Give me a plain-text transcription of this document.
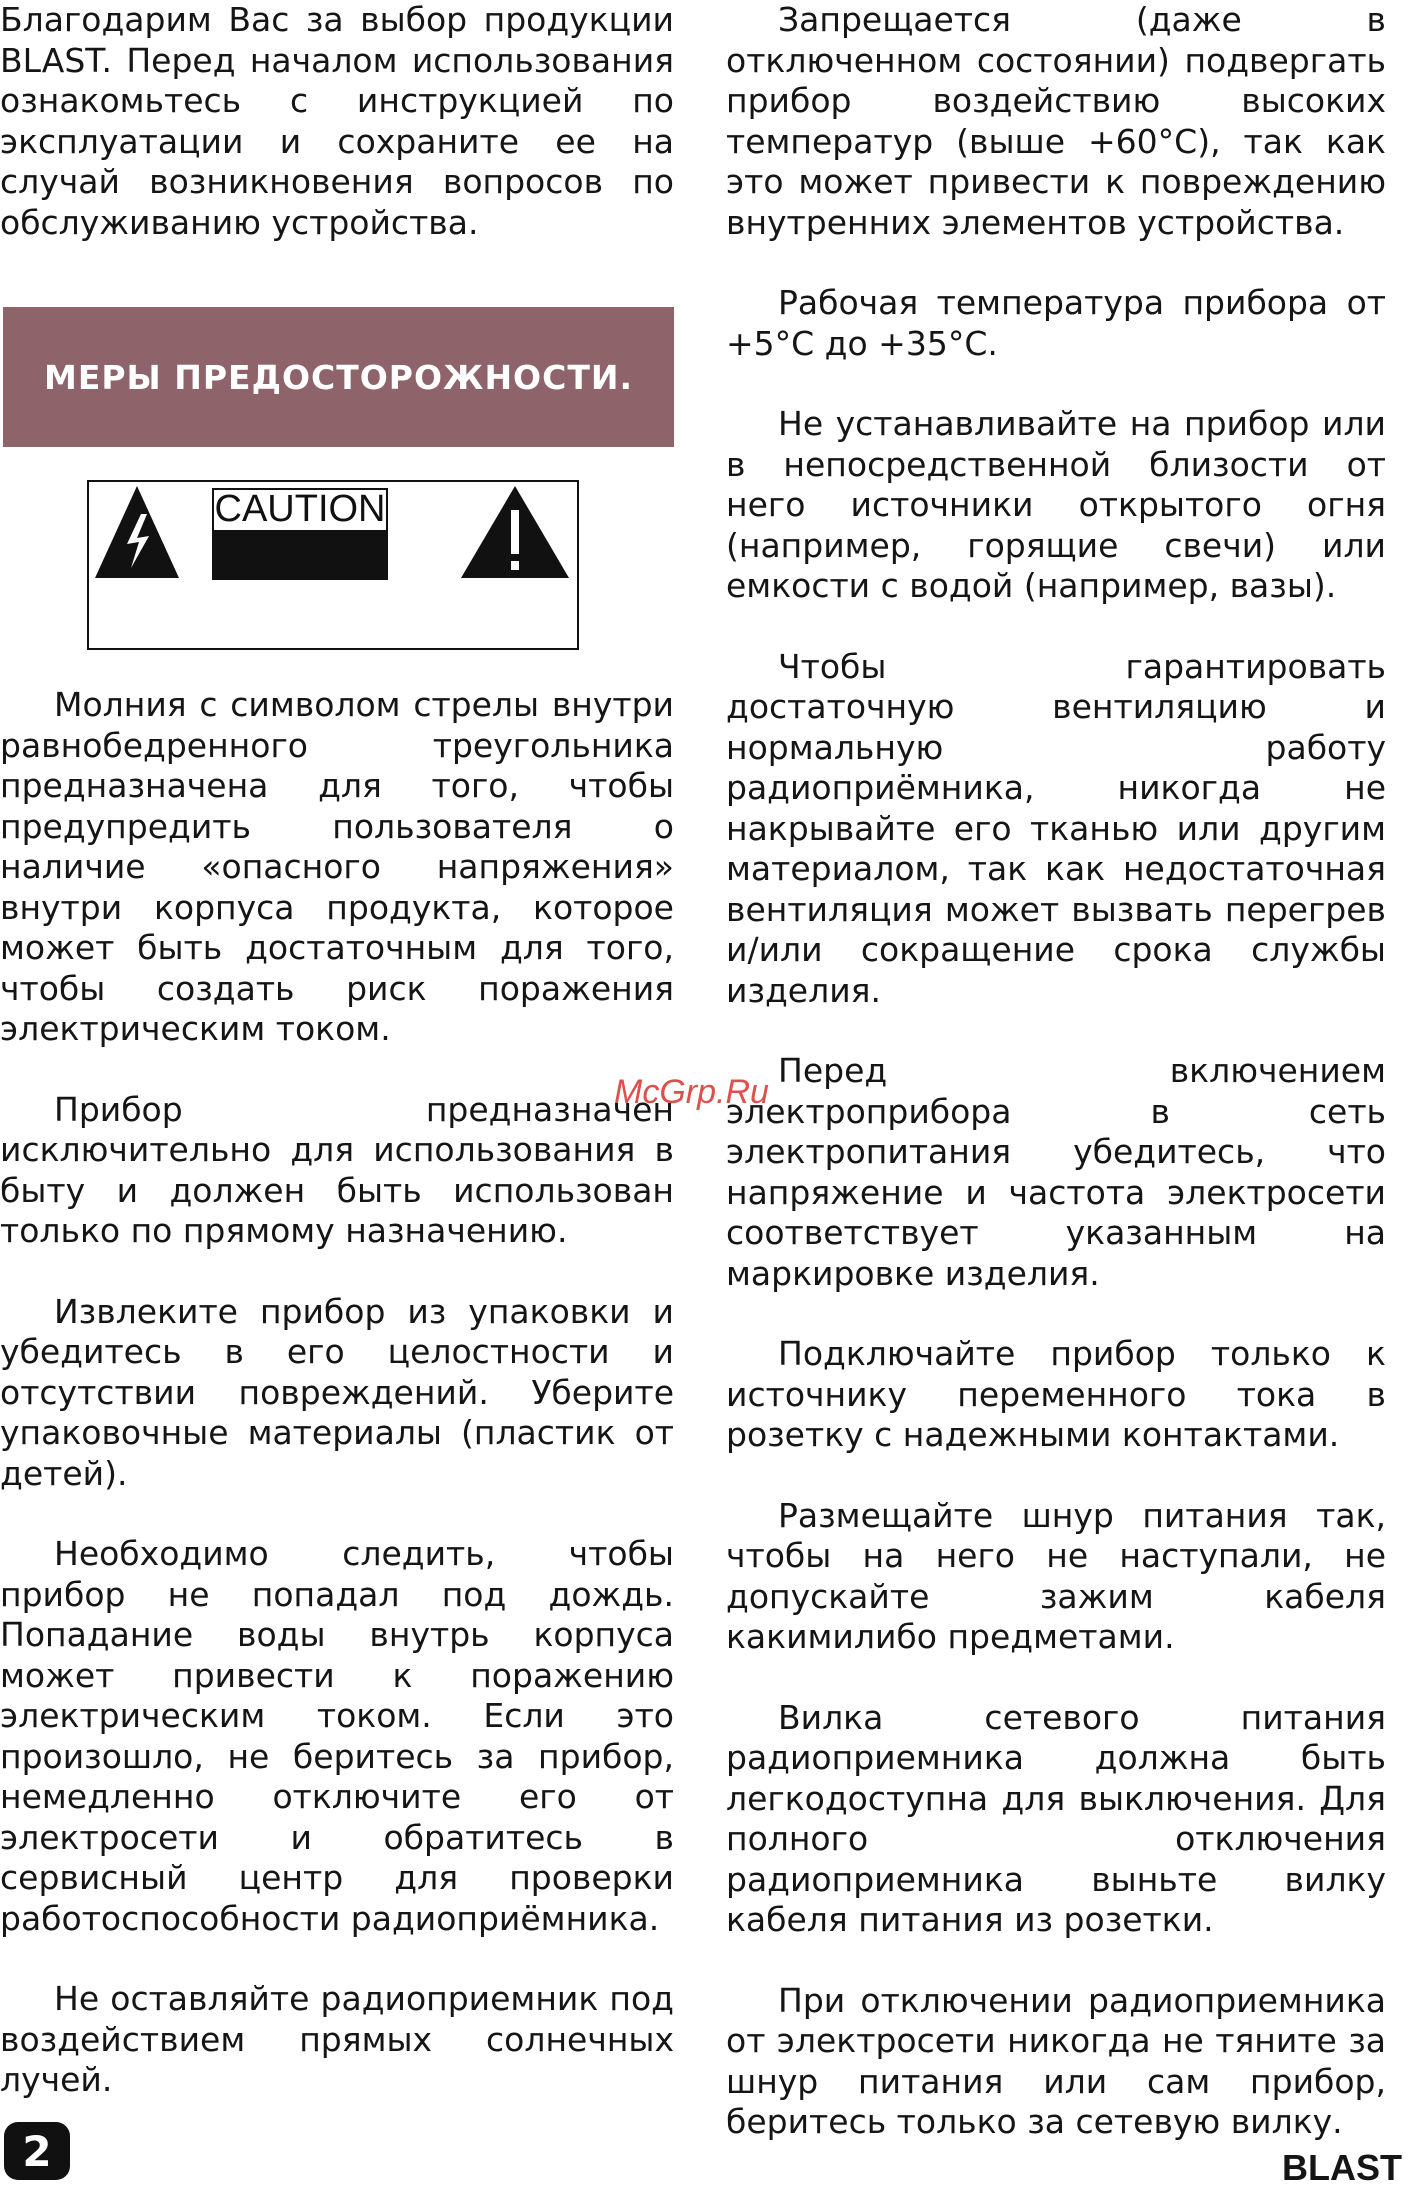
Благодарим Вас за выбор продукции BLAST. Перед началом использования ознакомьтесь с инструкцией по эксплуатации и сохраните ее на случай возникновения вопросов по обслуживанию устройства.

МЕРЫ ПРЕДОСТОРОЖНОСТИ.
CAUTION

Молния с символом стрелы внутри равнобедренного треугольника предназначена для того, чтобы предупредить пользователя о наличие «опасного напряжения» внутри корпуса продукта, которое может быть достаточным для того, чтобы создать риск поражения электрическим током.

Прибор предназначен исключительно для использования в быту и должен быть использован только по прямому назначению.

Извлеките прибор из упаковки и убедитесь в его целостности и отсутствии повреждений. Уберите упаковочные материалы (пластик от детей).

Необходимо следить, чтобы прибор не попадал под дождь. Попадание воды внутрь корпуса может привести к поражению электрическим током. Если это произошло, не беритесь за прибор, немедленно отключите его от электросети и обратитесь в сервисный центр для проверки работоспособности радиоприёмника.

Не оставляйте радиоприемник под воздействием прямых солнечных лучей.

Запрещается (даже в отключенном состоянии) подвергать прибор воздействию высоких температур (выше +60°С), так как это может привести к повреждению внутренних элементов устройства.

Рабочая температура прибора от +5°С до +35°С.

Не устанавливайте на прибор или в непосредственной близости от него источники открытого огня (например, горящие свечи) или емкости с водой (например, вазы).

Чтобы гарантировать достаточную вентиляцию и нормальную работу радиоприёмника, никогда не накрывайте его тканью или другим материалом, так как недостаточная вентиляция может вызвать перегрев и/или сокращение срока службы изделия.

Перед включением электроприбора в сеть электропитания убедитесь, что напряжение и частота электросети соответствует указанным на маркировке изделия.

Подключайте прибор только к источнику переменного тока в розетку с надежными контактами.

Размещайте шнур питания так, чтобы на него не наступали, не допускайте зажим кабеля какимилибо предметами.

Вилка сетевого питания радиоприемника должна быть легкодоступна для выключения. Для полного отключения радиоприемника выньте вилку кабеля питания из розетки.

При отключении радиоприемника от электросети никогда не тяните за шнур питания или сам прибор, беритесь только за сетевую вилку.

McGrp.Ru
2	BLAST
